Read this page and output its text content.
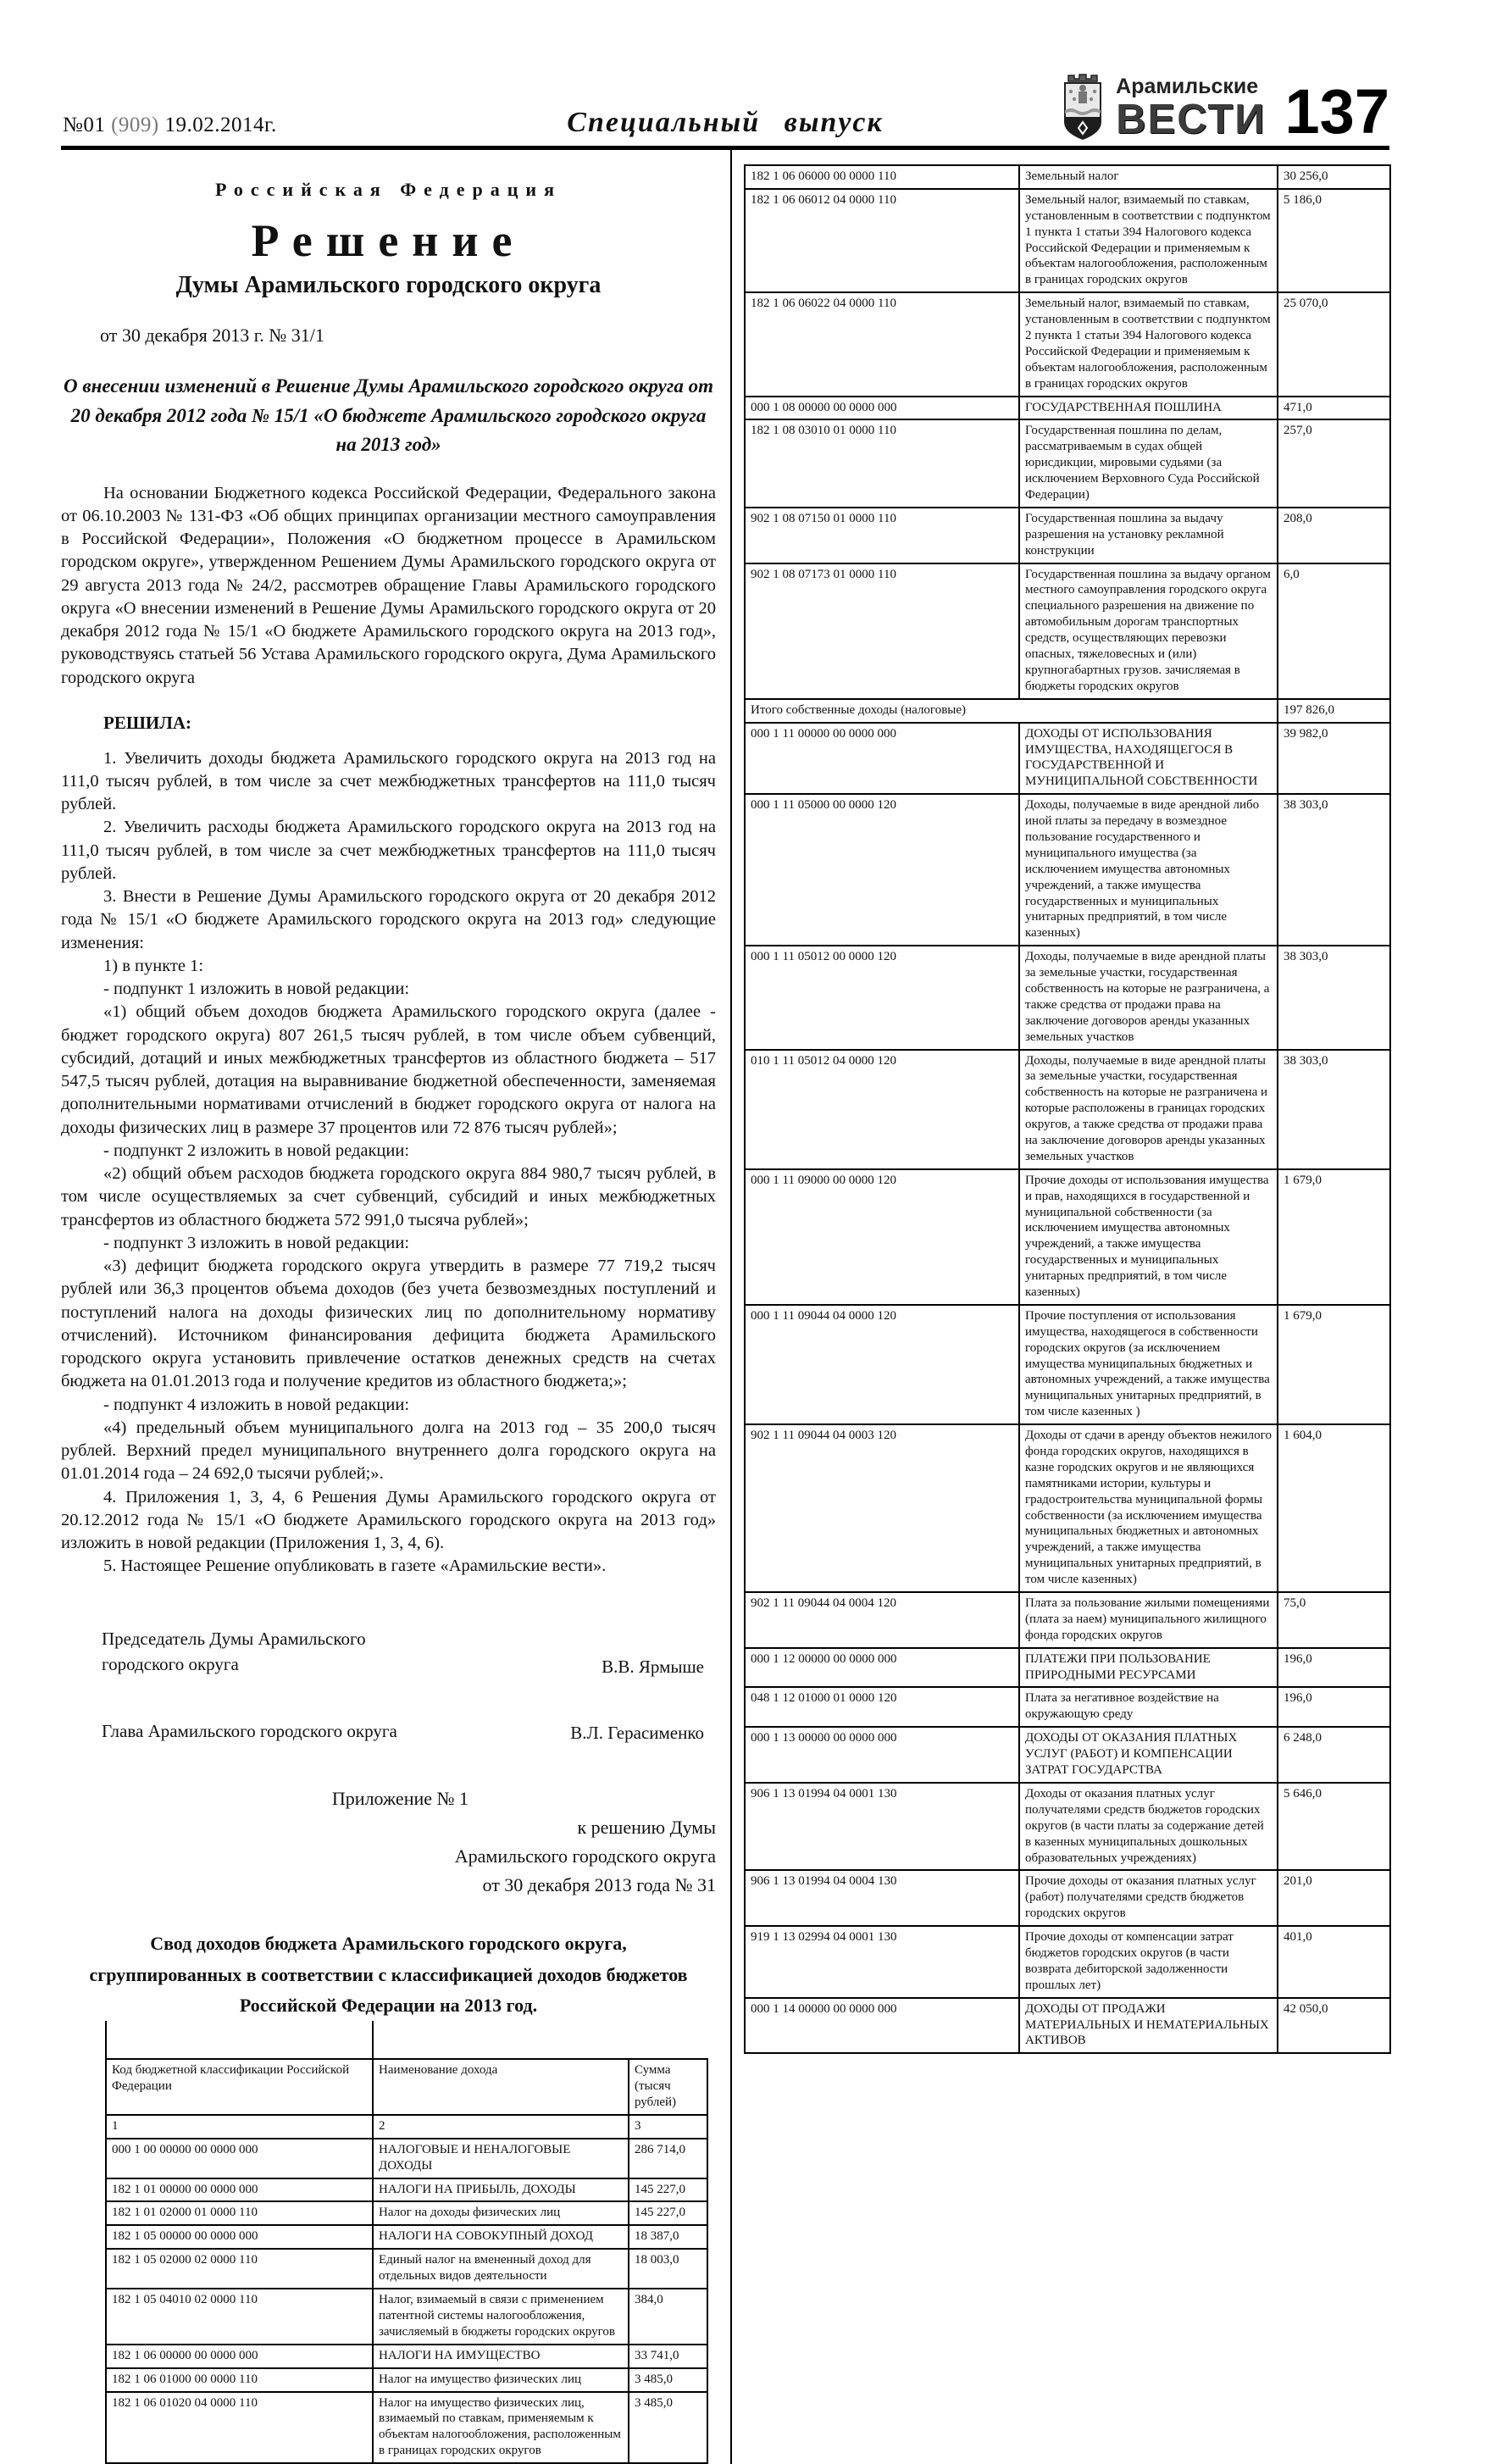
№01 (909) 19.02.2014г.	Специальный выпуск
Арамильские
ВЕСТИ 137
Российская Федерация
Решение
Думы Арамильского городского округа
от 30 декабря 2013 г. № 31/1
О внесении изменений в Решение Думы Арамильского городского округа от 20 декабря 2012 года № 15/1 «О бюджете Арамильского городского округа на 2013 год»

На основании Бюджетного кодекса Российской Федерации, Федерального закона от 06.10.2003 № 131-ФЗ «Об общих принципах организации местного самоуправления в Российской Федерации», Положения «О бюджетном процессе в Арамильском городском округе», утвержденном Решением Думы Арамильского городского округа от 29 августа 2013 года № 24/2, рассмотрев обращение Главы Арамильского городского округа «О внесении изменений в Решение Думы Арамильского городского округа от 20 декабря 2012 года № 15/1 «О бюджете Арамильского городского округа на 2013 год», руководствуясь статьей 56 Устава Арамильского городского округа, Дума Арамильского городского округа

РЕШИЛА:

1. Увеличить доходы бюджета Арамильского городского округа на 2013 год на 111,0 тысяч рублей, в том числе за счет межбюджетных трансфертов на 111,0 тысяч рублей.

2. Увеличить расходы бюджета Арамильского городского округа на 2013 год на 111,0 тысяч рублей, в том числе за счет межбюджетных трансфертов на 111,0 тысяч рублей.

3. Внести в Решение Думы Арамильского городского округа от 20 декабря 2012 года № 15/1 «О бюджете Арамильского городского округа на 2013 год» следующие изменения:

1) в пункте 1:

- подпункт 1 изложить в новой редакции:

«1) общий объем доходов бюджета Арамильского городского округа (далее - бюджет городского округа) 807 261,5 тысяч рублей, в том числе объем субвенций, субсидий, дотаций и иных межбюджетных трансфертов из областного бюджета – 517 547,5 тысяч рублей, дотация на выравнивание бюджетной обеспеченности, заменяемая дополнительными нормативами отчислений в бюджет городского округа от налога на доходы физических лиц в размере 37 процентов или 72 876 тысяч рублей»;

- подпункт 2 изложить в новой редакции:

«2) общий объем расходов бюджета городского округа 884 980,7 тысяч рублей, в том числе осуществляемых за счет субвенций, субсидий и иных межбюджетных трансфертов из областного бюджета 572 991,0 тысяча рублей»;

- подпункт 3 изложить в новой редакции:

«3) дефицит бюджета городского округа утвердить в размере 77 719,2 тысяч рублей или 36,3 процентов объема доходов (без учета безвозмездных поступлений и поступлений налога на доходы физических лиц по дополнительному нормативу отчислений). Источником финансирования дефицита бюджета Арамильского городского округа установить привлечение остатков денежных средств на счетах бюджета на 01.01.2013 года и получение кредитов из областного бюджета;»;

- подпункт 4 изложить в новой редакции:

«4) предельный объем муниципального долга на 2013 год – 35 200,0 тысяч рублей. Верхний предел муниципального внутреннего долга городского округа на 01.01.2014 года – 24 692,0 тысячи рублей;».

4. Приложения 1, 3, 4, 6 Решения Думы Арамильского городского округа от 20.12.2012 года № 15/1 «О бюджете Арамильского городского округа на 2013 год» изложить в новой редакции (Приложения 1, 3, 4, 6).

5. Настоящее Решение опубликовать в газете «Арамильские вести».

Председатель Думы Арамильского
городского округа	В.В. Ярмыше
Глава Арамильского городского округа	В.Л. Герасименко
Приложение № 1
к решению Думы
Арамильского городского округа
от 30 декабря 2013 года № 31
Свод доходов бюджета Арамильского городского округа,
сгруппированных в соответствии с классификацией доходов бюджетов
Российской Федерации на 2013 год.
Код бюджетной классификации Российской Федерации	Наименование дохода	Сумма (тысяч рублей)
1	2	3
000 1 00 00000 00 0000 000	НАЛОГОВЫЕ И НЕНАЛОГОВЫЕ ДОХОДЫ	286 714,0
182 1 01 00000 00 0000 000	НАЛОГИ НА ПРИБЫЛЬ, ДОХОДЫ	145 227,0
182 1 01 02000 01 0000 110	Налог на доходы физических лиц	145 227,0
182 1 05 00000 00 0000 000	НАЛОГИ НА СОВОКУПНЫЙ ДОХОД	18 387,0
182 1 05 02000 02 0000 110	Единый налог на вмененный доход для отдельных видов деятельности	18 003,0
182 1 05 04010 02 0000 110	Налог, взимаемый в связи с применением патентной системы налогообложения, зачисляемый в бюджеты городских округов	384,0
182 1 06 00000 00 0000 000	НАЛОГИ НА ИМУЩЕСТВО	33 741,0
182 1 06 01000 00 0000 110	Налог на имущество физических лиц	3 485,0
182 1 06 01020 04 0000 110	Налог на имущество физических лиц, взимаемый по ставкам, применяемым к объектам налогообложения, расположенным в границах городских округов	3 485,0
182 1 06 06000 00 0000 110	Земельный налог	30 256,0
182 1 06 06012 04 0000 110	Земельный налог, взимаемый по ставкам, установленным в соответствии с подпунктом 1 пункта 1 статьи 394 Налогового кодекса Российской Федерации и применяемым к объектам налогообложения, расположенным в границах городских округов	5 186,0
182 1 06 06022 04 0000 110	Земельный налог, взимаемый по ставкам, установленным в соответствии с подпунктом 2 пункта 1 статьи 394 Налогового кодекса Российской Федерации и применяемым к объектам налогообложения, расположенным в границах городских округов	25 070,0
000 1 08 00000 00 0000 000	ГОСУДАРСТВЕННАЯ ПОШЛИНА	471,0
182 1 08 03010 01 0000 110	Государственная пошлина по делам, рассматриваемым в судах общей юрисдикции, мировыми судьями (за исключением Верховного Суда Российской Федерации)	257,0
902 1 08 07150 01 0000 110	Государственная пошлина за выдачу разрешения на установку рекламной конструкции	208,0
902 1 08 07173 01 0000 110	Государственная пошлина за выдачу органом местного самоуправления городского округа специального разрешения на движение по автомобильным дорогам транспортных средств, осуществляющих перевозки опасных, тяжеловесных и (или) крупногабартных грузов. зачисляемая в бюджеты городских округов	6,0
Итого собственные доходы (налоговые)		197 826,0
000 1 11 00000 00 0000 000	ДОХОДЫ ОТ ИСПОЛЬЗОВАНИЯ ИМУЩЕСТВА, НАХОДЯЩЕГОСЯ В ГОСУДАРСТВЕННОЙ И МУНИЦИПАЛЬНОЙ СОБСТВЕННОСТИ	39 982,0
000 1 11 05000 00 0000 120	Доходы, получаемые в виде арендной либо иной платы за передачу в возмездное пользование государственного и муниципального имущества (за исключением имущества автономных учреждений, а также имущества государственных и муниципальных унитарных предприятий, в том числе казенных)	38 303,0
000 1 11 05012 00 0000 120	Доходы, получаемые в виде арендной платы за земельные участки, государственная собственность на которые не разграничена, а также средства от продажи права на заключение договоров аренды указанных земельных участков	38 303,0
010 1 11 05012 04 0000 120	Доходы, получаемые в виде арендной платы за земельные участки, государственная собственность на которые не разграничена и которые расположены в границах городских округов, а также средства от продажи права на заключение договоров аренды указанных земельных участков	38 303,0
000 1 11 09000 00 0000 120	Прочие доходы от использования имущества и прав, находящихся в государственной и муниципальной собственности (за исключением имущества автономных учреждений, а также имущества государственных и муниципальных унитарных предприятий, в том числе казенных)	1 679,0
000 1 11 09044 04 0000 120	Прочие поступления от использования имущества, находящегося в собственности городских округов (за исключением имущества муниципальных бюджетных и автономных учреждений, а также имущества муниципальных унитарных предприятий, в том числе казенных )	1 679,0
902 1 11 09044 04 0003 120	Доходы от сдачи в аренду объектов нежилого фонда городских округов, находящихся в казне городских округов и не являющихся памятниками истории, культуры и градостроительства муниципальной формы собственности (за исключением имущества муниципальных бюджетных и автономных учреждений, а также имущества муниципальных унитарных предприятий, в том числе казенных)	1 604,0
902 1 11 09044 04 0004 120	Плата за пользование жилыми помещениями (плата за наем) муниципального жилищного фонда городских округов	75,0
000 1 12 00000 00 0000 000	ПЛАТЕЖИ ПРИ ПОЛЬЗОВАНИЕ ПРИРОДНЫМИ РЕСУРСАМИ	196,0
048 1 12 01000 01 0000 120	Плата за негативное воздействие на окружающую среду	196,0
000 1 13 00000 00 0000 000	ДОХОДЫ ОТ ОКАЗАНИЯ ПЛАТНЫХ УСЛУГ (РАБОТ) И КОМПЕНСАЦИИ ЗАТРАТ ГОСУДАРСТВА	6 248,0
906 1 13 01994 04 0001 130	Доходы от оказания платных услуг получателями средств бюджетов городских округов (в части платы за содержание детей в казенных муниципальных дошкольных образовательных учреждениях)	5 646,0
906 1 13 01994 04 0004 130	Прочие доходы от оказания платных услуг (работ) получателями средств бюджетов городских округов	201,0
919 1 13 02994 04 0001 130	Прочие доходы от компенсации затрат бюджетов городских округов (в части возврата дебиторской задолженности прошлых лет)	401,0
000 1 14 00000 00 0000 000	ДОХОДЫ ОТ ПРОДАЖИ МАТЕРИАЛЬНЫХ И НЕМАТЕРИАЛЬНЫХ АКТИВОВ	42 050,0
